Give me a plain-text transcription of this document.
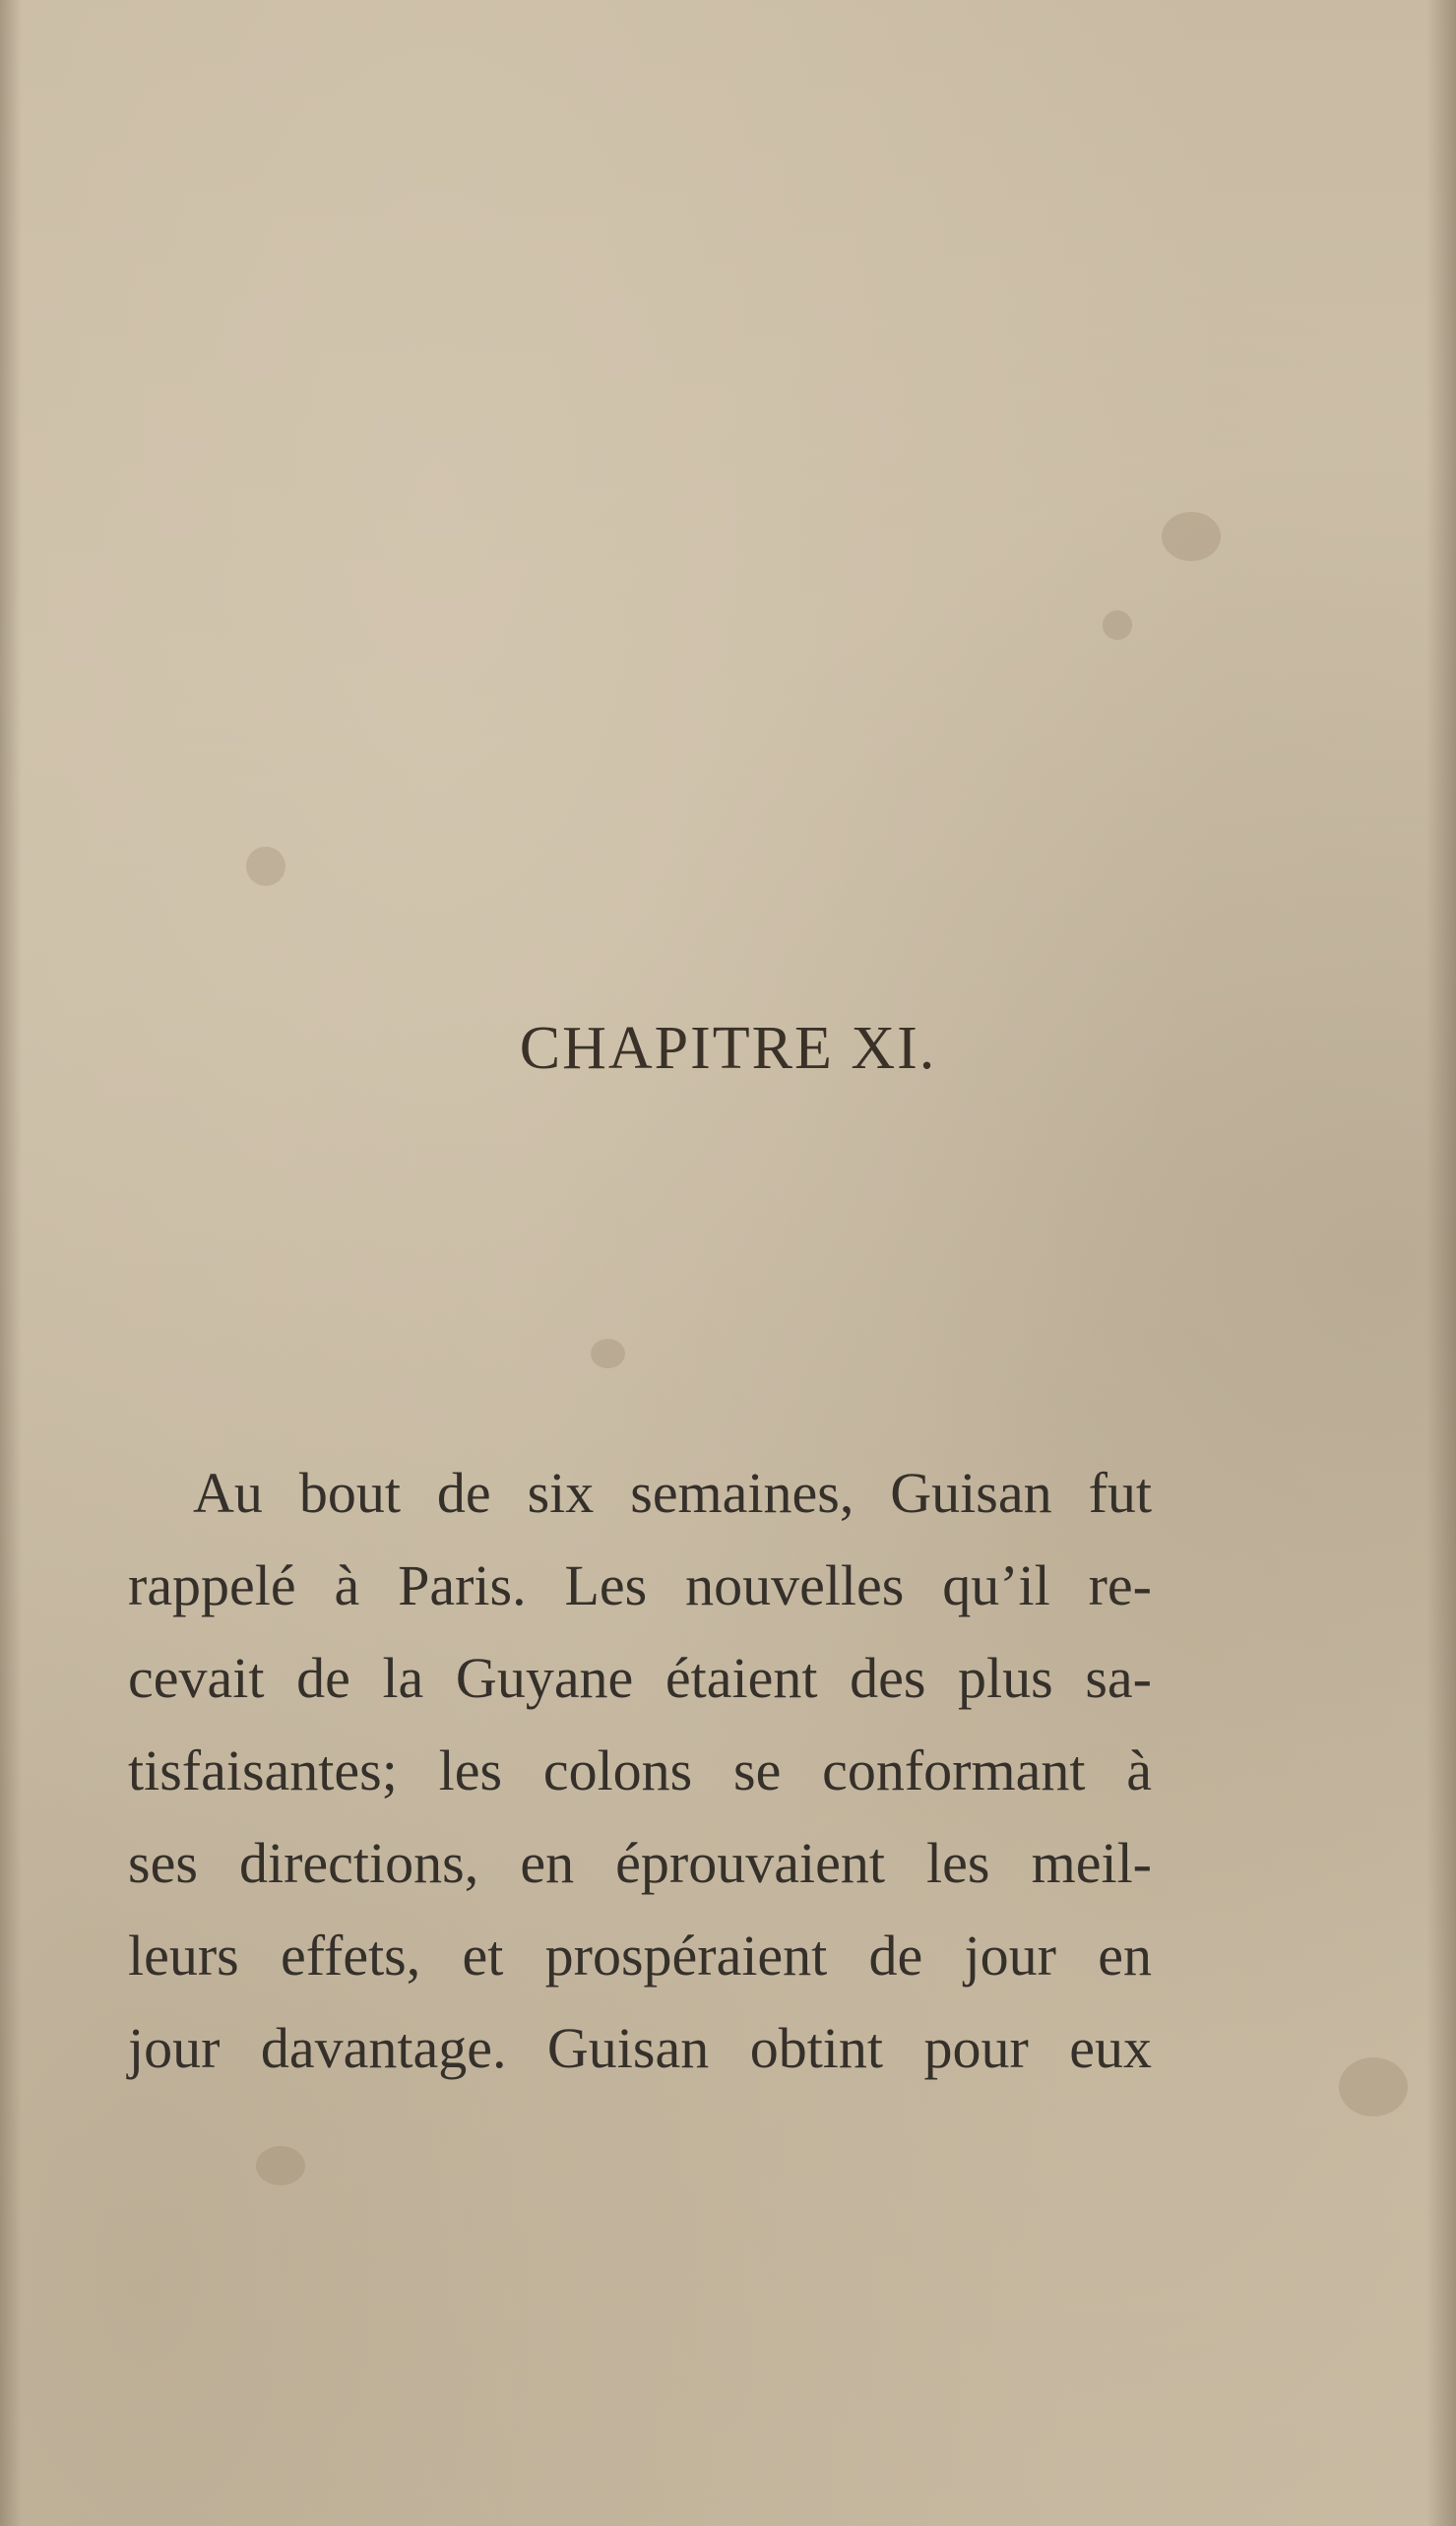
CHAPITRE XI.
Au bout de six semaines, Guisan fut
rappelé à Paris. Les nouvelles qu’il re-
cevait de la Guyane étaient des plus sa-
tisfaisantes; les colons se conformant à
ses directions, en éprouvaient les meil-
leurs effets, et prospéraient de jour en
jour davantage. Guisan obtint pour eux
